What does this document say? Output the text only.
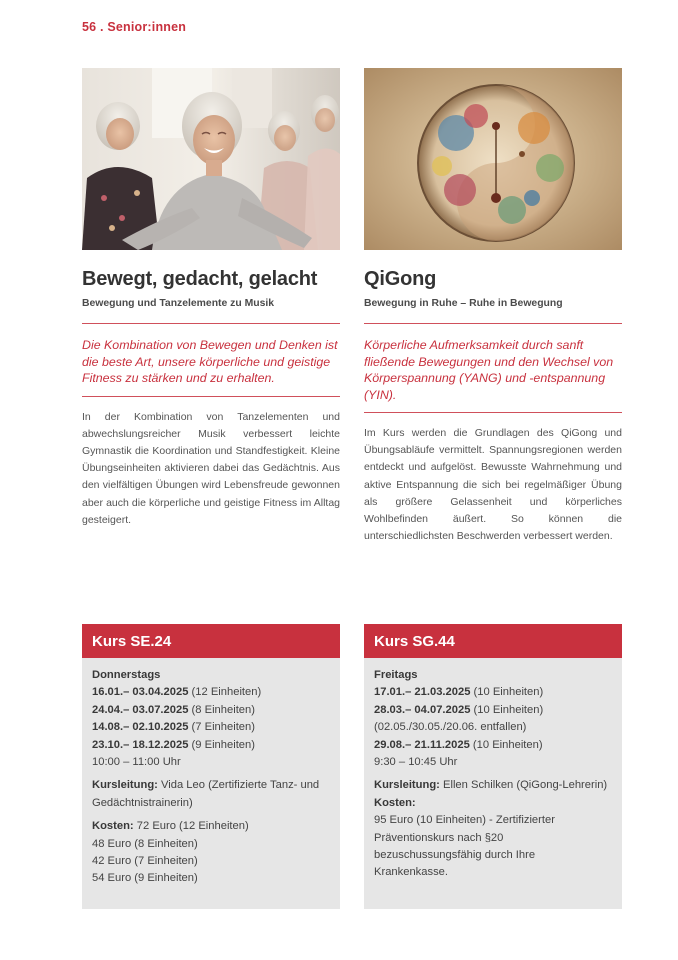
56 . Senior:innen
Bewegt, gedacht, gelacht
Bewegung und Tanzelemente zu Musik
Die Kombination von Bewegen und Denken ist die beste Art, unsere körperliche und geistige Fitness zu stärken und zu erhalten.
In der Kombination von Tanzelementen und abwechslungsreicher Musik verbessert leichte Gymnastik die Koordination und Standfestigkeit. Kleine Übungseinheiten aktivieren dabei das Gedächtnis. Aus den vielfältigen Übungen wird Lebensfreude gewonnen aber auch die körperliche und geistige Fitness im Alltag gesteigert.
QiGong
Bewegung in Ruhe – Ruhe in Bewegung
Körperliche Aufmerksamkeit durch sanft fließende Bewegungen und den Wechsel von Körperspannung (YANG) und -entspannung (YIN).
Im Kurs werden die Grundlagen des QiGong und Übungsabläufe vermittelt. Spannungsregionen werden entdeckt und aufgelöst. Bewusste Wahrnehmung und aktive Entspannung die sich bei regelmäßiger Übung als größere Gelassenheit und körperliches Wohlbefinden äußert. So können die unterschiedlichsten Beschwerden verbessert werden.
Kurs SE.24
Donnerstags
16.01.– 03.04.2025 (12 Einheiten)
24.04.– 03.07.2025 (8 Einheiten)
14.08.– 02.10.2025 (7 Einheiten)
23.10.– 18.12.2025 (9 Einheiten)
10:00 – 11:00 Uhr
Kursleitung: Vida Leo (Zertifizierte Tanz- und Gedächtnistrainerin)
Kosten: 72 Euro (12 Einheiten)
48 Euro (8 Einheiten)
42 Euro (7 Einheiten)
54 Euro (9 Einheiten)
Kurs SG.44
Freitags
17.01.– 21.03.2025 (10 Einheiten)
28.03.– 04.07.2025 (10 Einheiten)
(02.05./30.05./20.06. entfallen)
29.08.– 21.11.2025 (10 Einheiten)
9:30 – 10:45 Uhr
Kursleitung: Ellen Schilken (QiGong-Lehrerin)
Kosten:
95 Euro (10 Einheiten) - Zertifizierter Präventionskurs nach §20 bezuschussungsfähig durch Ihre Krankenkasse.
